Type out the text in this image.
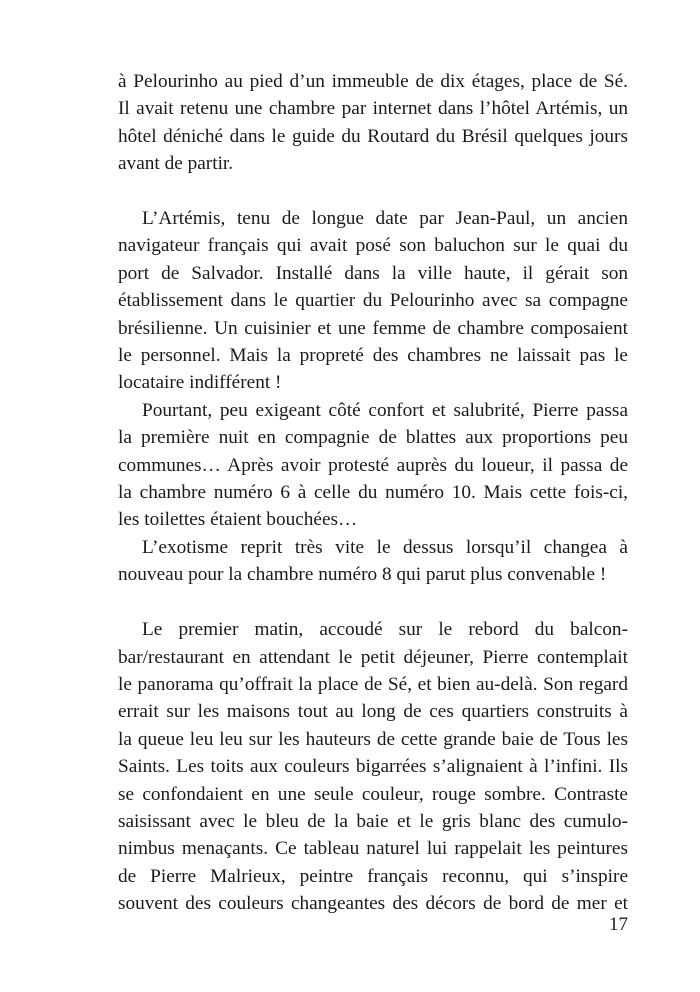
à Pelourinho au pied d’un immeuble de dix étages, place de Sé.
Il avait retenu une chambre par internet dans l’hôtel Artémis, un
hôtel déniché dans le guide du Routard du Brésil quelques jours
avant de partir.
L’Artémis, tenu de longue date par Jean-Paul, un ancien
navigateur français qui avait posé son baluchon sur le quai du
port de Salvador. Installé dans la ville haute, il gérait son
établissement dans le quartier du Pelourinho avec sa compagne
brésilienne. Un cuisinier et une femme de chambre composaient
le personnel. Mais la propreté des chambres ne laissait pas le
locataire indifférent !
Pourtant, peu exigeant côté confort et salubrité, Pierre passa
la première nuit en compagnie de blattes aux proportions peu
communes… Après avoir protesté auprès du loueur, il passa de
la chambre numéro 6 à celle du numéro 10. Mais cette fois-ci,
les toilettes étaient bouchées…
L’exotisme reprit très vite le dessus lorsqu’il changea à
nouveau pour la chambre numéro 8 qui parut plus convenable !
Le premier matin, accoudé sur le rebord du balcon-
bar/restaurant en attendant le petit déjeuner, Pierre contemplait
le panorama qu’offrait la place de Sé, et bien au-delà. Son regard
errait sur les maisons tout au long de ces quartiers construits à
la queue leu leu sur les hauteurs de cette grande baie de Tous les
Saints. Les toits aux couleurs bigarrées s’alignaient à l’infini. Ils
se confondaient en une seule couleur, rouge sombre. Contraste
saisissant avec le bleu de la baie et le gris blanc des cumulo-
nimbus menaçants. Ce tableau naturel lui rappelait les peintures
de Pierre Malrieux, peintre français reconnu, qui s’inspire
souvent des couleurs changeantes des décors de bord de mer et
17
